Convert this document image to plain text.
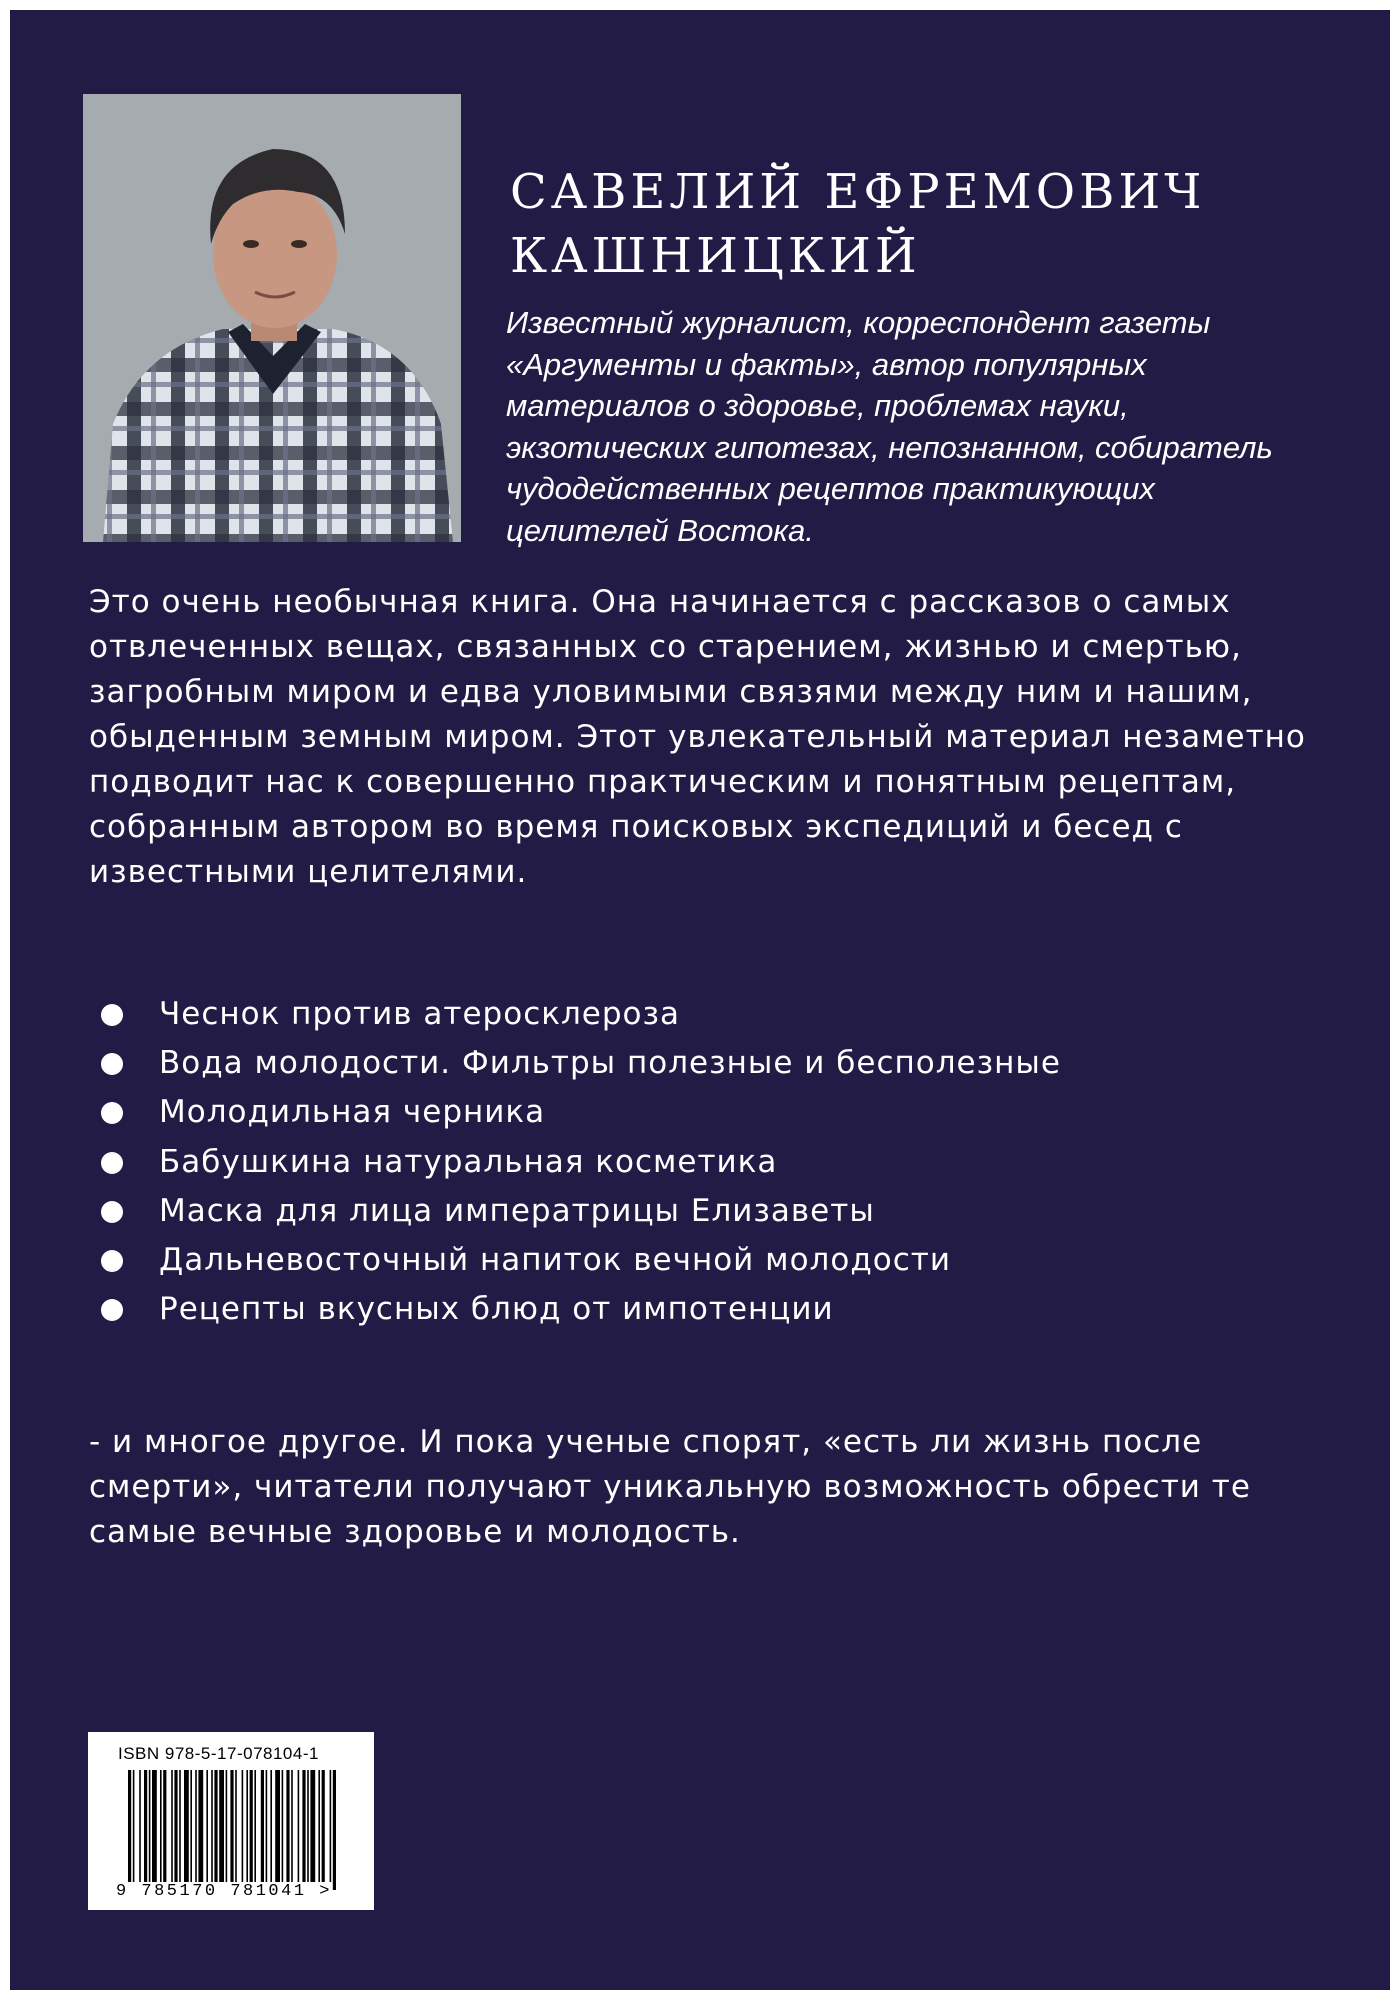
САВЕЛИЙ ЕФРЕМОВИЧ
КАШНИЦКИЙ

Известный журналист, корреспондент газеты «Аргументы и факты», автор популярных материалов о здоровье, проблемах науки, экзотических гипотезах, непознанном, собиратель чудодейственных рецептов практикующих целителей Востока.

Это очень необычная книга. Она начинается с рассказов о самых отвлеченных вещах, связанных со старением, жизнью и смертью, загробным миром и едва уловимыми связями между ним и нашим, обыденным земным миром. Этот увлекательный материал незаметно подводит нас к совершенно практическим и понятным рецептам, собранным автором во время поисковых экспедиций и бесед с известными целителями.

Чеснок против атеросклероза
Вода молодости. Фильтры полезные и бесполезные
Молодильная черника
Бабушкина натуральная косметика
Маска для лица императрицы Елизаветы
Дальневосточный напиток вечной молодости
Рецепты вкусных блюд от импотенции

- и многое другое. И пока ученые спорят, «есть ли жизнь после смерти», читатели получают уникальную возможность обрести те самые вечные здоровье и молодость.

ISBN 978-5-17-078104-1
9 785170 781041 >
